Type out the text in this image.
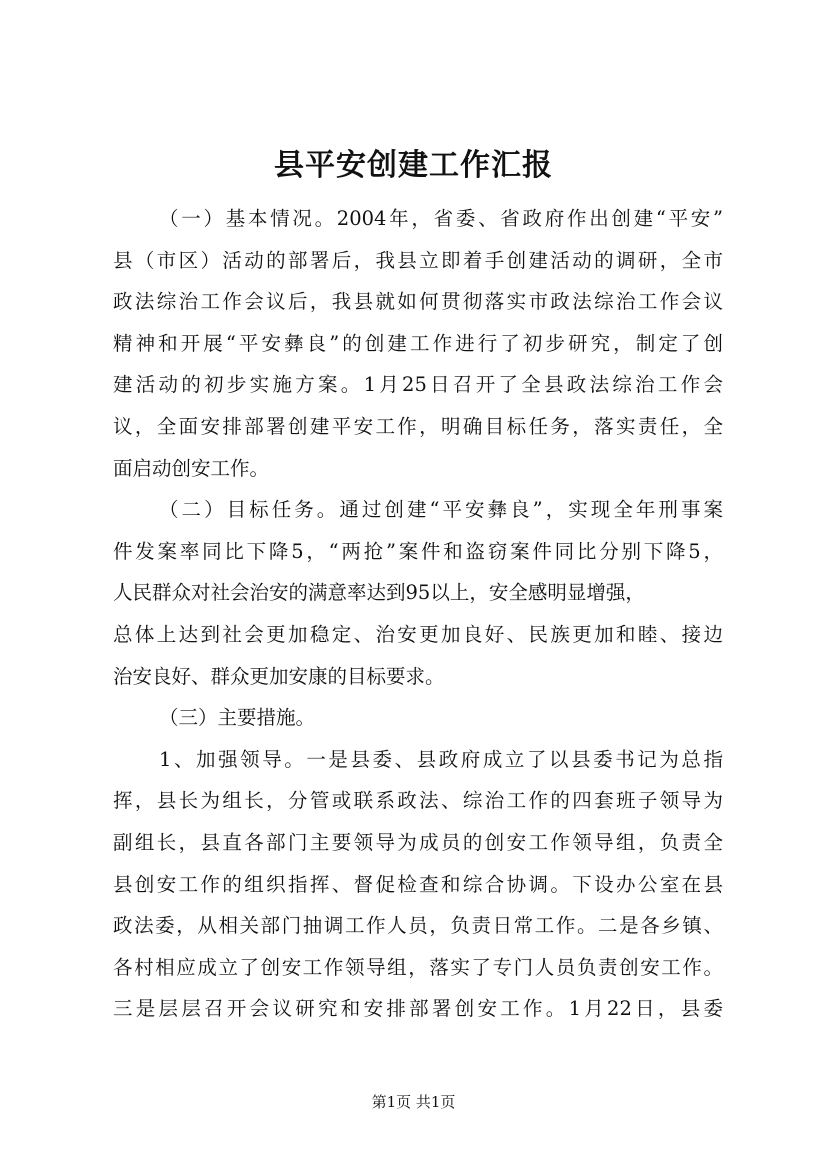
县平安创建工作汇报
（一）基本情况。2004年，省委、省政府作出创建“平安”
县（市区）活动的部署后，我县立即着手创建活动的调研，全市
政法综治工作会议后，我县就如何贯彻落实市政法综治工作会议
精神和开展“平安彝良”的创建工作进行了初步研究，制定了创
建活动的初步实施方案。1月25日召开了全县政法综治工作会
议，全面安排部署创建平安工作，明确目标任务，落实责任，全
面启动创安工作。
（二）目标任务。通过创建“平安彝良”，实现全年刑事案
件发案率同比下降5，“两抢”案件和盗窃案件同比分别下降5，
人民群众对社会治安的满意率达到95以上，安全感明显增强，
总体上达到社会更加稳定、治安更加良好、民族更加和睦、接边
治安良好、群众更加安康的目标要求。
（三）主要措施。
1、加强领导。一是县委、县政府成立了以县委书记为总指
挥，县长为组长，分管或联系政法、综治工作的四套班子领导为
副组长，县直各部门主要领导为成员的创安工作领导组，负责全
县创安工作的组织指挥、督促检查和综合协调。下设办公室在县
政法委，从相关部门抽调工作人员，负责日常工作。二是各乡镇、
各村相应成立了创安工作领导组，落实了专门人员负责创安工作。
三是层层召开会议研究和安排部署创安工作。1月22日，县委
第1页 共1页
